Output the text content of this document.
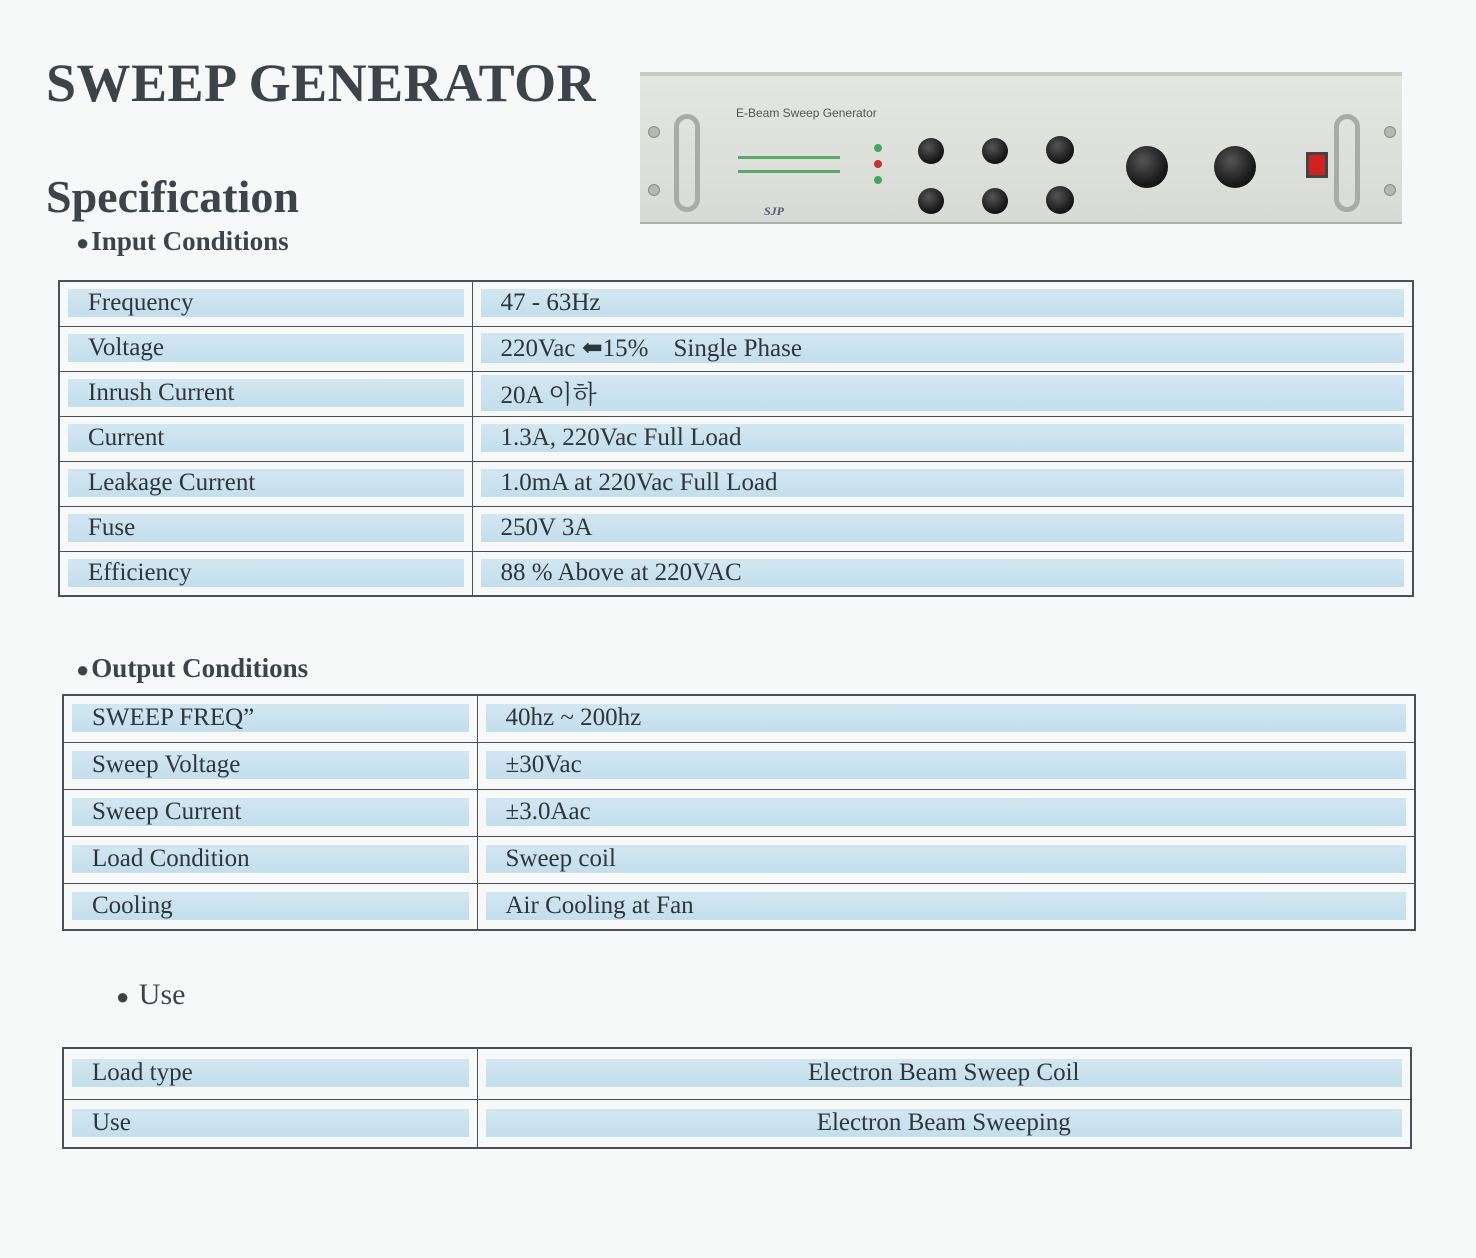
SWEEP GENERATOR
Specification
E-Beam Sweep Generator
SJP
●Input Conditions
Frequency	47 - 63Hz

Voltage	220Vac ⬅15%    Single Phase

Inrush Current	20A 이하

Current	1.3A, 220Vac Full Load

Leakage Current	1.0mA at 220Vac Full Load

Fuse	250V 3A

Efficiency	88 % Above at 220VAC
●Output Conditions
SWEEP FREQ”	40hz ~ 200hz

Sweep Voltage	±30Vac

Sweep Current	±3.0Aac

Load Condition	Sweep coil

Cooling	Air Cooling at Fan
● Use
Load type	Electron Beam Sweep Coil

Use	Electron Beam Sweeping
